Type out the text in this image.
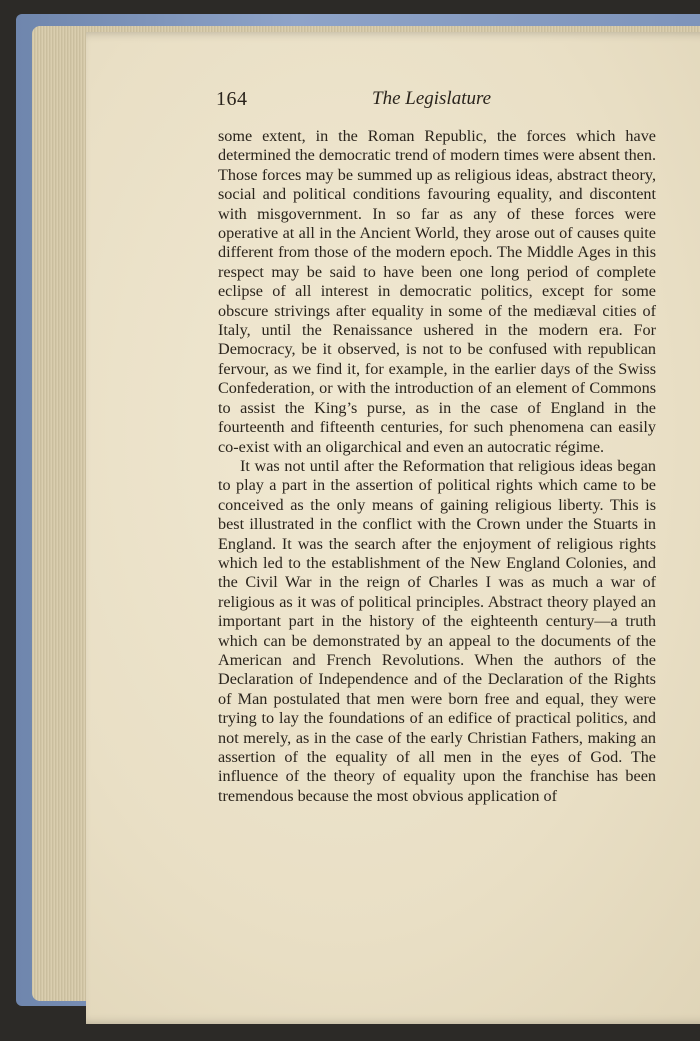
164	The Legislature

some extent, in the Roman Republic, the forces which have determined the democratic trend of modern times were absent then. Those forces may be summed up as religious ideas, abstract theory, social and political conditions favouring equality, and discontent with misgovernment. In so far as any of these forces were operative at all in the Ancient World, they arose out of causes quite different from those of the modern epoch. The Middle Ages in this respect may be said to have been one long period of complete eclipse of all interest in democratic politics, except for some obscure strivings after equality in some of the mediæval cities of Italy, until the Renaissance ushered in the modern era. For Democracy, be it observed, is not to be confused with republican fervour, as we find it, for example, in the earlier days of the Swiss Confederation, or with the introduction of an element of Commons to assist the King’s purse, as in the case of England in the fourteenth and fifteenth centuries, for such phenomena can easily co-exist with an oligarchical and even an autocratic régime.

It was not until after the Reformation that religious ideas began to play a part in the assertion of political rights which came to be conceived as the only means of gaining religious liberty. This is best illustrated in the conflict with the Crown under the Stuarts in England. It was the search after the enjoyment of religious rights which led to the establishment of the New England Colonies, and the Civil War in the reign of Charles I was as much a war of religious as it was of political principles. Abstract theory played an important part in the history of the eighteenth century—a truth which can be demonstrated by an appeal to the documents of the American and French Revolutions. When the authors of the Declaration of Independence and of the Declaration of the Rights of Man postulated that men were born free and equal, they were trying to lay the foundations of an edifice of practical politics, and not merely, as in the case of the early Christian Fathers, making an assertion of the equality of all men in the eyes of God. The influence of the theory of equality upon the franchise has been tremendous because the most obvious application of
